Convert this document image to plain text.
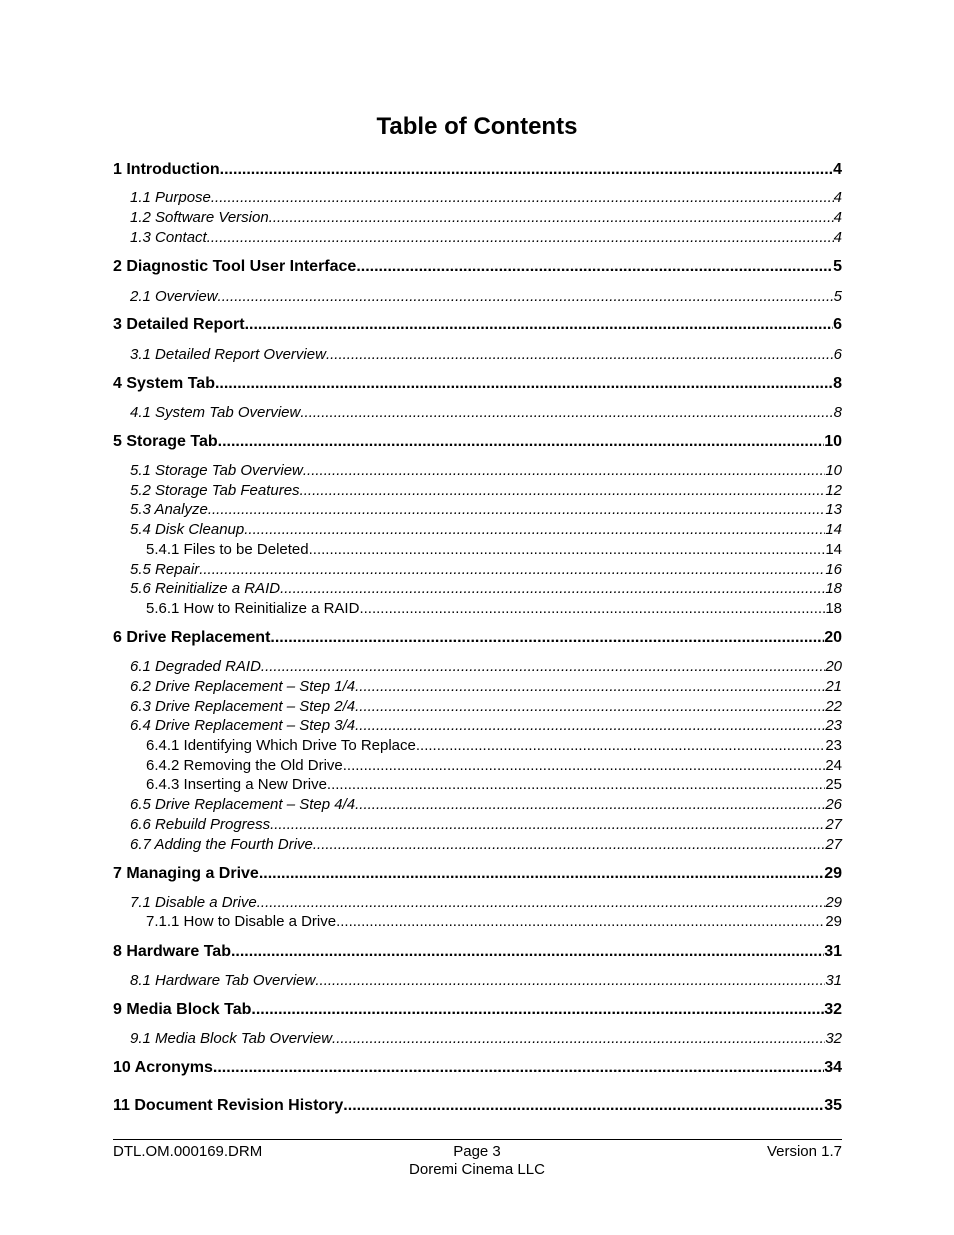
Table of Contents
1 Introduction .....	4
1.1 Purpose .....	4
1.2 Software Version .....	4
1.3 Contact .....	4
2 Diagnostic Tool User Interface .....	5
2.1 Overview .....	5
3 Detailed Report .....	6
3.1 Detailed Report Overview .....	6
4 System Tab .....	8
4.1 System Tab Overview .....	8
5 Storage Tab .....	10
5.1 Storage Tab Overview .....	10
5.2 Storage Tab Features .....	12
5.3 Analyze .....	13
5.4 Disk Cleanup .....	14
5.4.1 Files to be Deleted .....	14
5.5 Repair .....	16
5.6 Reinitialize a RAID .....	18
5.6.1 How to Reinitialize a RAID .....	18
6 Drive Replacement .....	20
6.1 Degraded RAID .....	20
6.2 Drive Replacement – Step 1/4 .....	21
6.3 Drive Replacement – Step 2/4 .....	22
6.4 Drive Replacement – Step 3/4 .....	23
6.4.1 Identifying Which Drive To Replace .....	23
6.4.2 Removing the Old Drive .....	24
6.4.3 Inserting a New Drive .....	25
6.5 Drive Replacement – Step 4/4 .....	26
6.6 Rebuild Progress .....	27
6.7 Adding the Fourth Drive .....	27
7 Managing a Drive .....	29
7.1 Disable a Drive .....	29
7.1.1 How to Disable a Drive .....	29
8 Hardware Tab .....	31
8.1 Hardware Tab Overview .....	31
9 Media Block Tab .....	32
9.1 Media Block Tab Overview .....	32
10 Acronyms .....	34
11 Document Revision History .....	35
DTL.OM.000169.DRM	Page 3
Doremi Cinema LLC
Version 1.7
